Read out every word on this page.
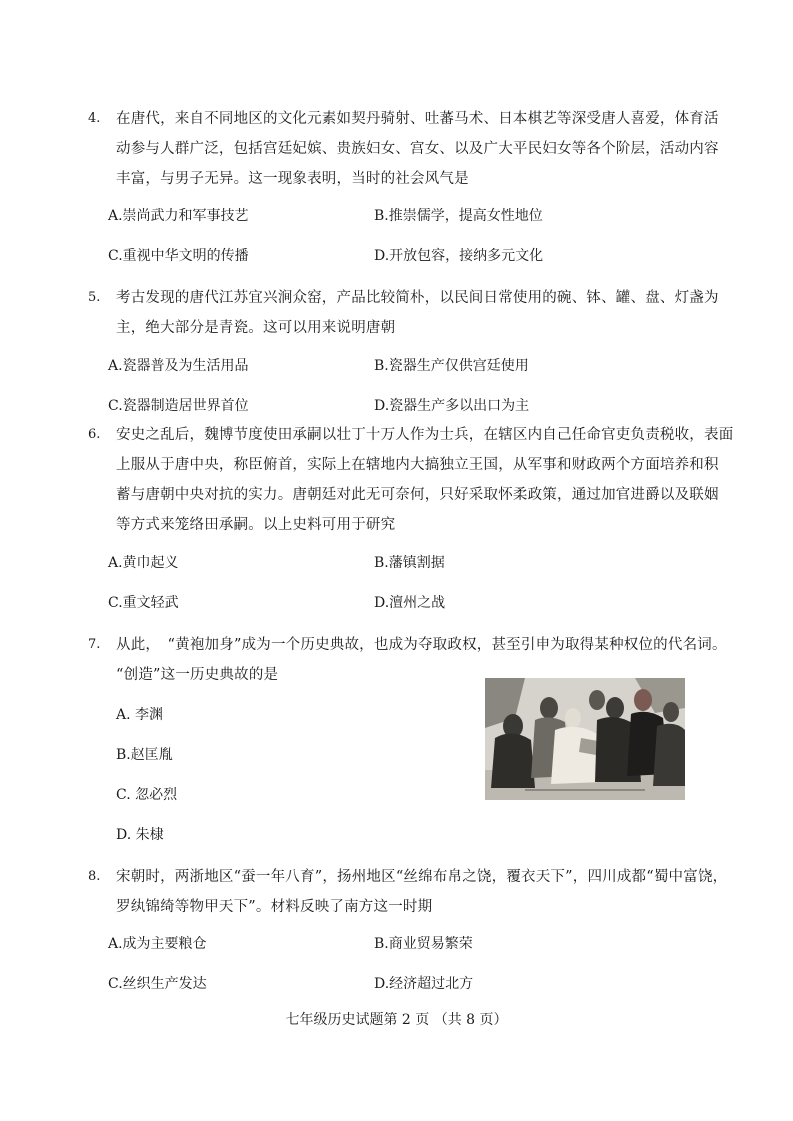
4. 在唐代，来自不同地区的文化元素如契丹骑射、吐蕃马术、日本棋艺等深受唐人喜爱，体育活
动参与人群广泛，包括宫廷妃嫔、贵族妇女、宫女、以及广大平民妇女等各个阶层，活动内容
丰富，与男子无异。这一现象表明，当时的社会风气是
A.崇尚武力和军事技艺	B.推崇儒学，提高女性地位
C.重视中华文明的传播	D.开放包容，接纳多元文化
5. 考古发现的唐代江苏宜兴涧众窑，产品比较简朴，以民间日常使用的碗、钵、罐、盘、灯盏为
主，绝大部分是青瓷。这可以用来说明唐朝
A.瓷器普及为生活用品	B.瓷器生产仅供宫廷使用
C.瓷器制造居世界首位	D.瓷器生产多以出口为主
6. 安史之乱后，魏博节度使田承嗣以壮丁十万人作为士兵，在辖区内自己任命官吏负责税收，表面
上服从于唐中央，称臣俯首，实际上在辖地内大搞独立王国，从军事和财政两个方面培养和积
蓄与唐朝中央对抗的实力。唐朝廷对此无可奈何，只好采取怀柔政策，通过加官进爵以及联姻
等方式来笼络田承嗣。以上史料可用于研究
A.黄巾起义	B.藩镇割据
C.重文轻武	D.澶州之战
7. 从此，　“黄袍加身”成为一个历史典故，也成为夺取政权，甚至引申为取得某种权位的代名词。
“创造”这一历史典故的是
A. 李渊
B.赵匡胤
C. 忽必烈
D. 朱棣
8. 宋朝时，两浙地区“蚕一年八育”，扬州地区“丝绵布帛之饶，覆衣天下”，四川成都“蜀中富饶，
罗纨锦绮等物甲天下”。材料反映了南方这一时期
A.成为主要粮仓	B.商业贸易繁荣
C.丝织生产发达	D.经济超过北方
七年级历史试题第 2 页 （共 8 页）
